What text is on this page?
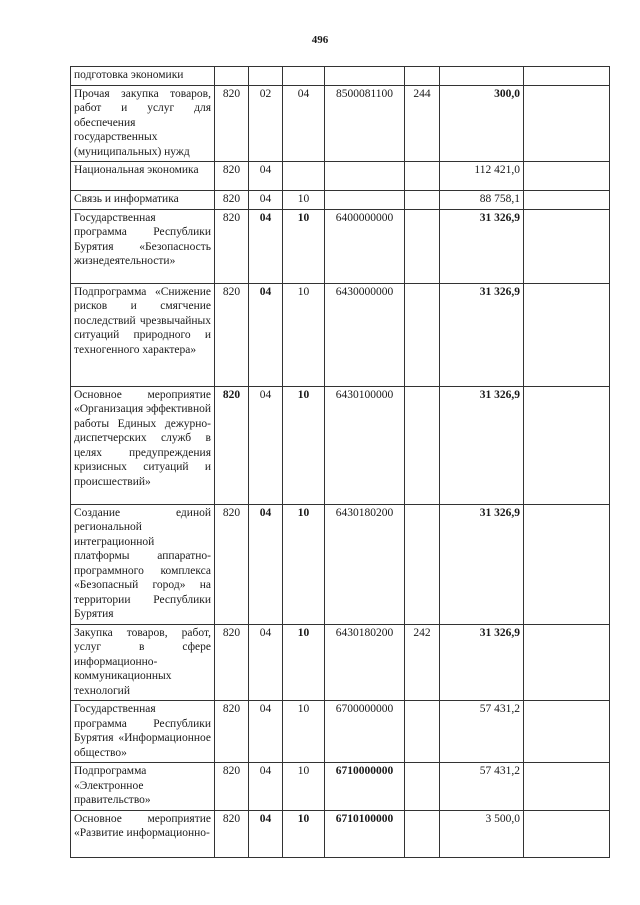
496
подготовка экономики							
Прочая закупка товаров, работ и услуг для обеспечения государственных (муниципальных) нужд	820	02	04	8500081100	244	300,0	
Национальная экономика	820	04				112 421,0	
Связь и информатика	820	04	10			88 758,1	
Государственная программа Республики Бурятия «Безопасность жизнедеятельности»	820	04	10	6400000000		31 326,9	
Подпрограмма «Снижение рисков и смягчение последствий чрезвычайных ситуаций природного и техногенного характера»	820	04	10	6430000000		31 326,9	
Основное мероприятие «Организация эффективной работы Единых дежурно-диспетчерских служб в целях предупреждения кризисных ситуаций и происшествий»	820	04	10	6430100000		31 326,9	
Создание единой региональной интеграционной платформы аппаратно-программного комплекса «Безопасный город» на территории Республики Бурятия	820	04	10	6430180200		31 326,9	
Закупка товаров, работ, услуг в сфере информационно-коммуникационных технологий	820	04	10	6430180200	242	31 326,9	
Государственная программа Республики Бурятия «Информационное общество»	820	04	10	6700000000		57 431,2	
Подпрограмма «Электронное правительство»	820	04	10	6710000000		57 431,2	
Основное мероприятие «Развитие информационно-	820	04	10	6710100000		3 500,0	
